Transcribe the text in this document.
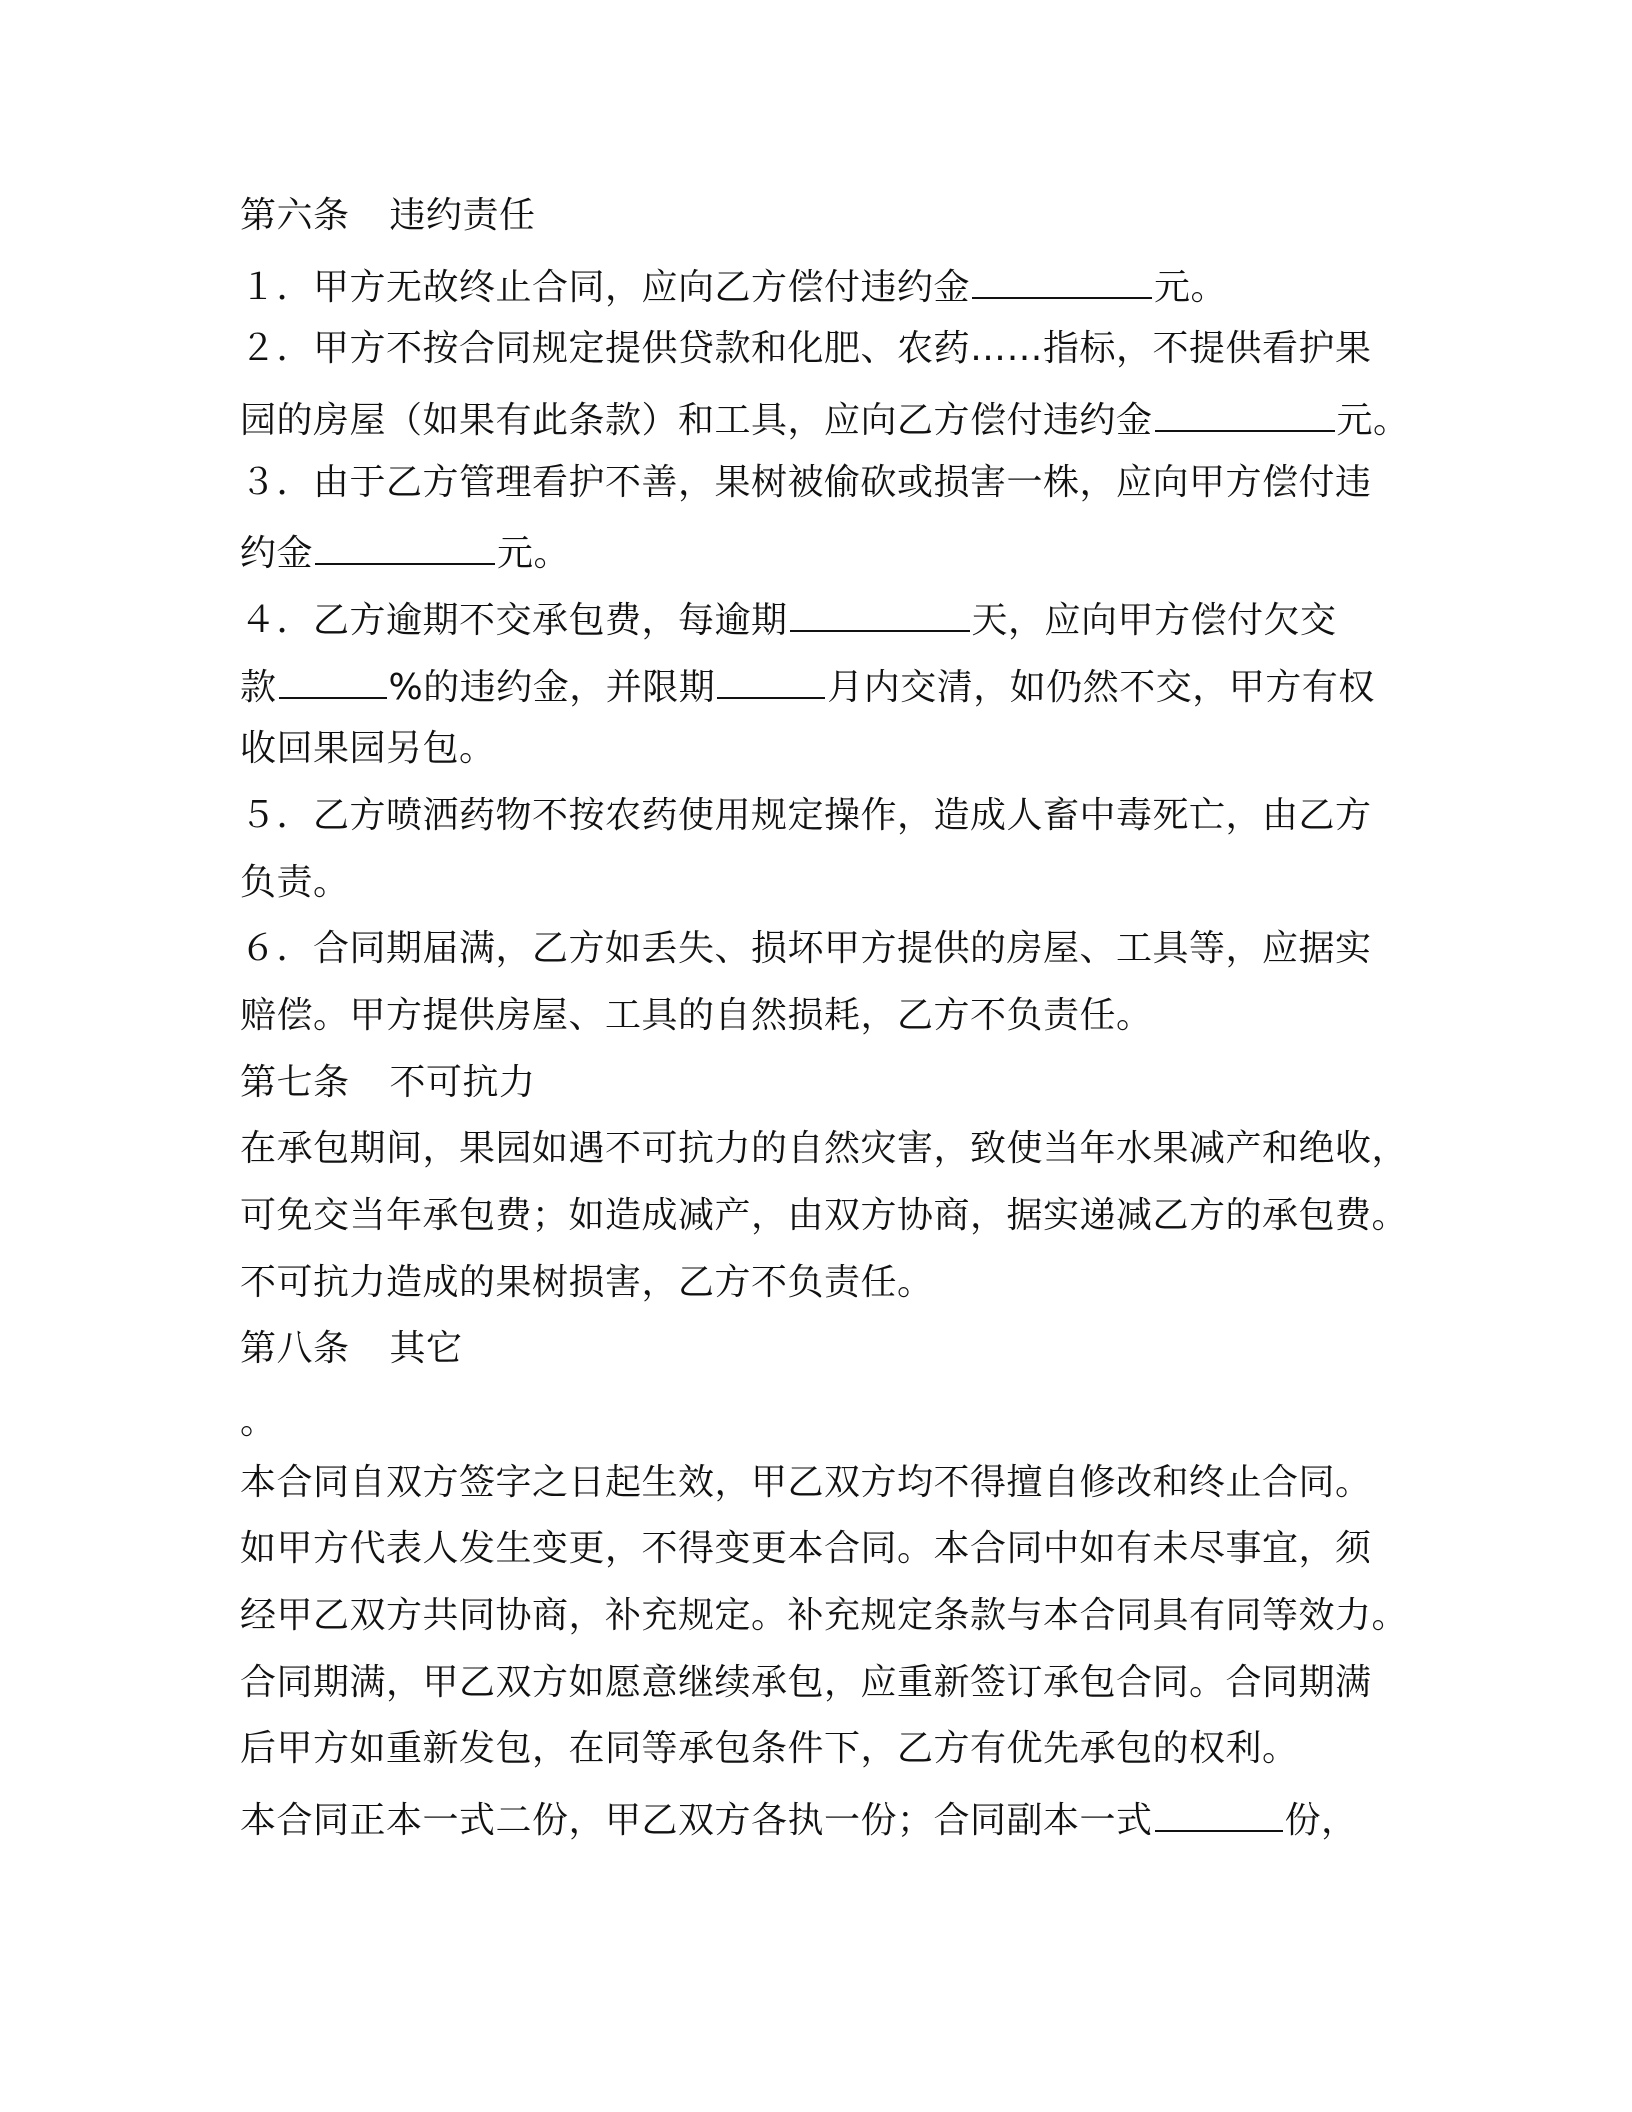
第六条 违约责任
１．甲方无故终止合同，应向乙方偿付违约金	元。
２．甲方不按合同规定提供贷款和化肥、农药……指标，不提供看护果
园的房屋（如果有此条款）和工具，应向乙方偿付违约金	元。
３．由于乙方管理看护不善，果树被偷砍或损害一株，应向甲方偿付违
约金	元。
４．乙方逾期不交承包费，每逾期	天，应向甲方偿付欠交
款	%的违约金，并限期	月内交清，如仍然不交，甲方有权
收回果园另包。
５．乙方喷洒药物不按农药使用规定操作，造成人畜中毒死亡，由乙方
负责。
６．合同期届满，乙方如丢失、损坏甲方提供的房屋、工具等，应据实
赔偿。甲方提供房屋、工具的自然损耗，乙方不负责任。
第七条 不可抗力
在承包期间，果园如遇不可抗力的自然灾害，致使当年水果减产和绝收，
可免交当年承包费；如造成减产，由双方协商，据实递减乙方的承包费。
不可抗力造成的果树损害，乙方不负责任。
第八条 其它
。
本合同自双方签字之日起生效，甲乙双方均不得擅自修改和终止合同。
如甲方代表人发生变更，不得变更本合同。本合同中如有未尽事宜，须
经甲乙双方共同协商，补充规定。补充规定条款与本合同具有同等效力。
合同期满，甲乙双方如愿意继续承包，应重新签订承包合同。合同期满
后甲方如重新发包，在同等承包条件下，乙方有优先承包的权利。
本合同正本一式二份，甲乙双方各执一份；合同副本一式	份，
